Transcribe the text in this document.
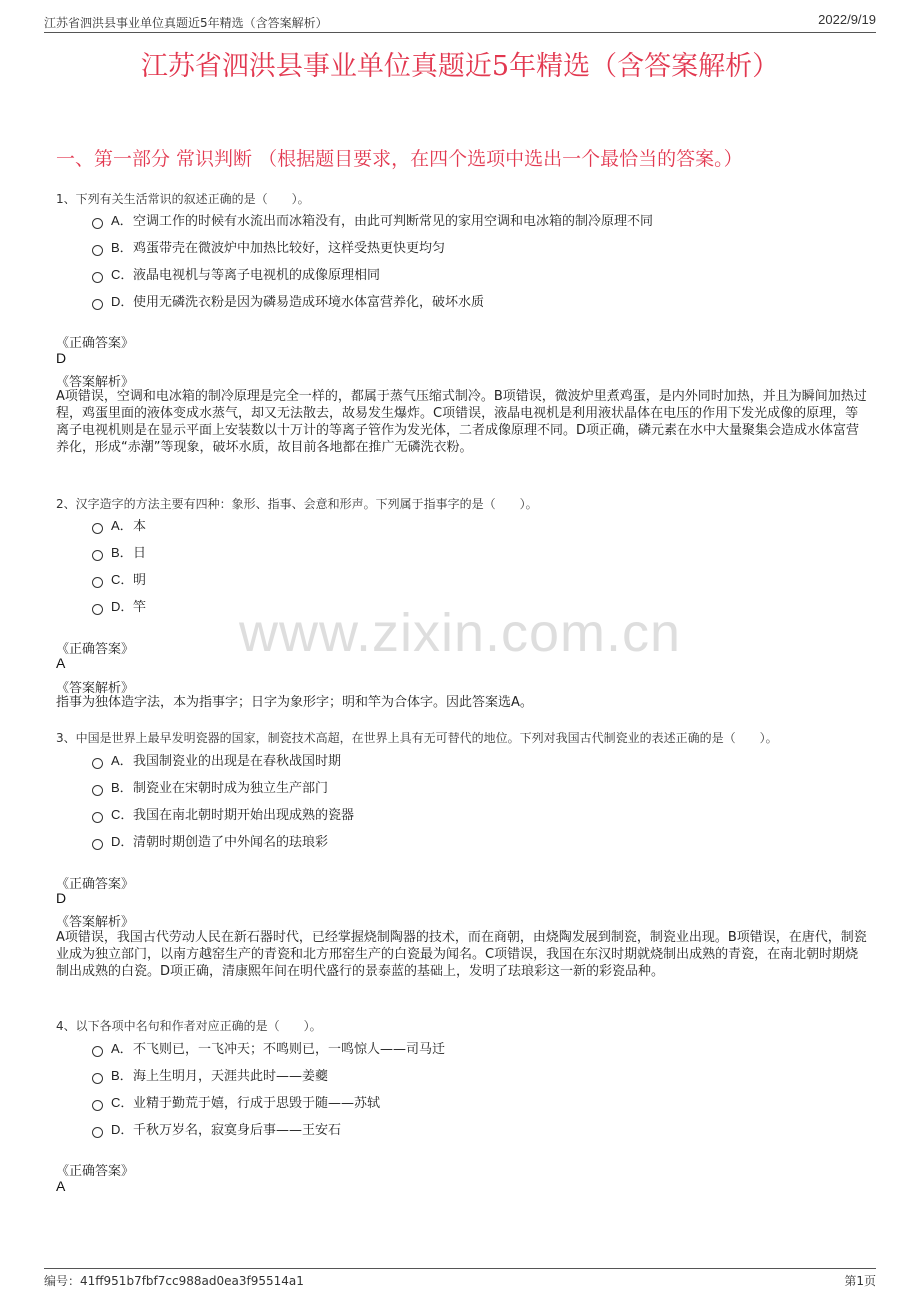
江苏省泗洪县事业单位真题近5年精选（含答案解析）	2022/9/19
江苏省泗洪县事业单位真题近5年精选（含答案解析）
一、第一部分 常识判断 （根据题目要求，在四个选项中选出一个最恰当的答案。）
www.zixin.com.cn
1、下列有关生活常识的叙述正确的是（　　）。
A．空调工作的时候有水流出而冰箱没有，由此可判断常见的家用空调和电冰箱的制冷原理不同
B．鸡蛋带壳在微波炉中加热比较好，这样受热更快更均匀
C．液晶电视机与等离子电视机的成像原理相同
D．使用无磷洗衣粉是因为磷易造成环境水体富营养化，破坏水质
《正确答案》
D
《答案解析》
A项错误，空调和电冰箱的制冷原理是完全一样的，都属于蒸气压缩式制冷。B项错误，微波炉里煮鸡蛋，是内外同时加热，并且为瞬间加热过程，鸡蛋里面的液体变成水蒸气，却又无法散去，故易发生爆炸。C项错误，液晶电视机是利用液状晶体在电压的作用下发光成像的原理，等离子电视机则是在显示平面上安装数以十万计的等离子管作为发光体，二者成像原理不同。D项正确，磷元素在水中大量聚集会造成水体富营养化，形成“赤潮”等现象，破坏水质，故目前各地都在推广无磷洗衣粉。
2、汉字造字的方法主要有四种：象形、指事、会意和形声。下列属于指事字的是（　　）。
A．本
B．日
C．明
D．竿
《正确答案》
A
《答案解析》
指事为独体造字法，本为指事字；日字为象形字；明和竿为合体字。因此答案选A。
3、中国是世界上最早发明瓷器的国家，制瓷技术高超，在世界上具有无可替代的地位。下列对我国古代制瓷业的表述正确的是（　　）。
A．我国制瓷业的出现是在春秋战国时期
B．制瓷业在宋朝时成为独立生产部门
C．我国在南北朝时期开始出现成熟的瓷器
D．清朝时期创造了中外闻名的珐琅彩
《正确答案》
D
《答案解析》
A项错误，我国古代劳动人民在新石器时代，已经掌握烧制陶器的技术，而在商朝，由烧陶发展到制瓷，制瓷业出现。B项错误，在唐代，制瓷业成为独立部门，以南方越窑生产的青瓷和北方邢窑生产的白瓷最为闻名。C项错误，我国在东汉时期就烧制出成熟的青瓷，在南北朝时期烧制出成熟的白瓷。D项正确，清康熙年间在明代盛行的景泰蓝的基础上，发明了珐琅彩这一新的彩瓷品种。
4、以下各项中名句和作者对应正确的是（　　）。
A．不飞则已，一飞冲天；不鸣则已，一鸣惊人——司马迁
B．海上生明月，天涯共此时——姜夔
C．业精于勤荒于嬉，行成于思毁于随——苏轼
D．千秋万岁名，寂寞身后事——王安石
《正确答案》
A
编号：41ff951b7fbf7cc988ad0ea3f95514a1	第1页
